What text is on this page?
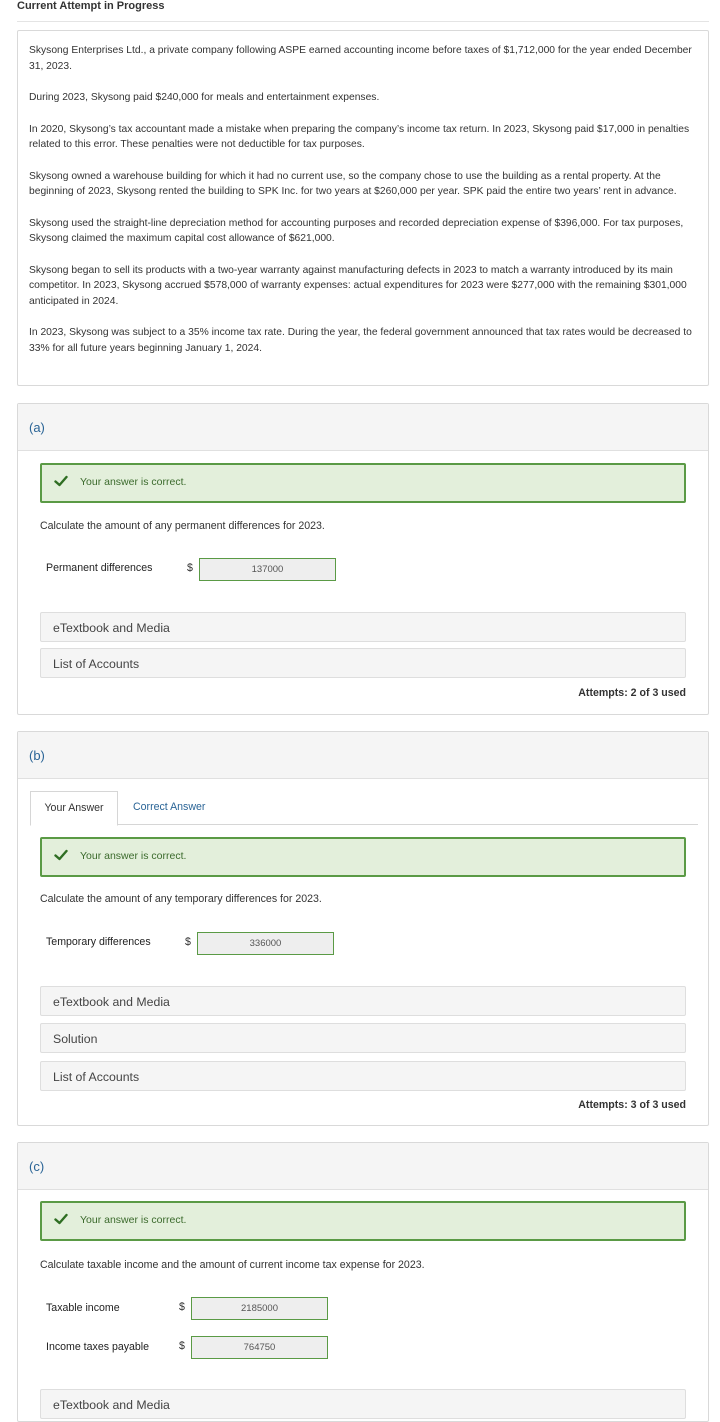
Current Attempt in Progress

Skysong Enterprises Ltd., a private company following ASPE earned accounting income before taxes of $1,712,000 for the year ended December 31, 2023.

During 2023, Skysong paid $240,000 for meals and entertainment expenses.

In 2020, Skysong’s tax accountant made a mistake when preparing the company’s income tax return. In 2023, Skysong paid $17,000 in penalties related to this error. These penalties were not deductible for tax purposes.

Skysong owned a warehouse building for which it had no current use, so the company chose to use the building as a rental property. At the beginning of 2023, Skysong rented the building to SPK Inc. for two years at $260,000 per year. SPK paid the entire two years’ rent in advance.

Skysong used the straight-line depreciation method for accounting purposes and recorded depreciation expense of $396,000. For tax purposes, Skysong claimed the maximum capital cost allowance of $621,000.

Skysong began to sell its products with a two-year warranty against manufacturing defects in 2023 to match a warranty introduced by its main competitor. In 2023, Skysong accrued $578,000 of warranty expenses: actual expenditures for 2023 were $277,000 with the remaining $301,000 anticipated in 2024.

In 2023, Skysong was subject to a 35% income tax rate. During the year, the federal government announced that tax rates would be decreased to 33% for all future years beginning January 1, 2024.

(a)
Your answer is correct.
Calculate the amount of any permanent differences for 2023.
Permanent differences	$
137000
eTextbook and Media
List of Accounts
Attempts: 2 of 3 used
(b)
Your Answer	Correct Answer
Your answer is correct.
Calculate the amount of any temporary differences for 2023.
Temporary differences	$
336000
eTextbook and Media
Solution
List of Accounts
Attempts: 3 of 3 used
(c)
Your answer is correct.
Calculate taxable income and the amount of current income tax expense for 2023.
Taxable income	$
2185000
Income taxes payable	$
764750
eTextbook and Media
